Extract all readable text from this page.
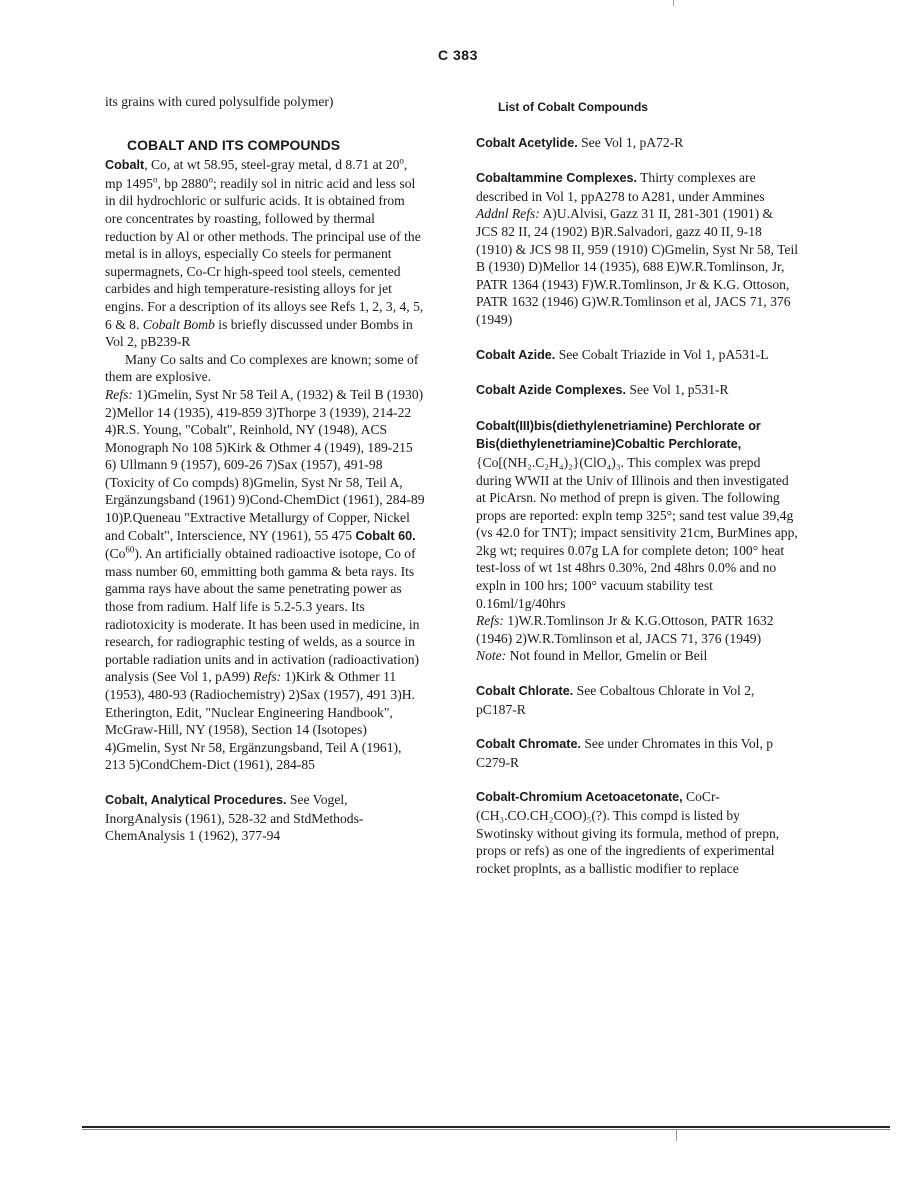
C 383

its grains with cured polysulfide polymer)

COBALT AND ITS COMPOUNDS

Cobalt, Co, at wt 58.95, steel-gray metal, d 8.71 at 20$^o$, mp 1495$^o$, bp 2880$^o$; readily sol in nitric acid and less sol in dil hydrochloric or sulfuric acids. It is obtained from ore concentrates by roasting, followed by thermal reduction by Al or other methods. The principal use of the metal is in alloys, especially Co steels for permanent supermagnets, Co-Cr high-speed tool steels, cemented carbides and high temperature-resisting alloys for jet engins. For a description of its alloys see Refs 1, 2, 3, 4, 5, 6 & 8. Cobalt Bomb is briefly discussed under Bombs in Vol 2, pB239-R

Many Co salts and Co complexes are known; some of them are explosive.

Refs: 1)Gmelin, Syst Nr 58 Teil A, (1932) & Teil B (1930) 2)Mellor 14 (1935), 419-859 3)Thorpe 3 (1939), 214-22 4)R.S. Young, "Cobalt", Reinhold, NY (1948), ACS Monograph No 108 5)Kirk & Othmer 4 (1949), 189-215 6) Ullmann 9 (1957), 609-26 7)Sax (1957), 491-98 (Toxicity of Co compds) 8)Gmelin, Syst Nr 58, Teil A, Ergänzungsband (1961) 9)Cond-ChemDict (1961), 284-89 10)P.Queneau "Extractive Metallurgy of Copper, Nickel and Cobalt", Interscience, NY (1961), 55 475 Cobalt 60. (Co$^{60}$). An artificially obtained radioactive isotope, Co of mass number 60, emmitting both gamma & beta rays. Its gamma rays have about the same penetrating power as those from radium. Half life is 5.2-5.3 years. Its radiotoxicity is moderate. It has been used in medicine, in research, for radiographic testing of welds, as a source in portable radiation units and in activation (radioactivation) analysis (See Vol 1, pA99) Refs: 1)Kirk & Othmer 11 (1953), 480-93 (Radiochemistry) 2)Sax (1957), 491 3)H. Etherington, Edit, "Nuclear Engineering Handbook", McGraw-Hill, NY (1958), Section 14 (Isotopes) 4)Gmelin, Syst Nr 58, Ergänzungsband, Teil A (1961), 213 5)CondChem-Dict (1961), 284-85

Cobalt, Analytical Procedures. See Vogel, InorgAnalysis (1961), 528-32 and StdMethods-ChemAnalysis 1 (1962), 377-94

List of Cobalt Compounds

Cobalt Acetylide. See Vol 1, pA72-R

Cobaltammine Complexes. Thirty complexes are described in Vol 1, ppA278 to A281, under Ammines
Addnl Refs: A)U.Alvisi, Gazz 31 II, 281-301 (1901) & JCS 82 II, 24 (1902) B)R.Salvadori, gazz 40 II, 9-18 (1910) & JCS 98 II, 959 (1910) C)Gmelin, Syst Nr 58, Teil B (1930) D)Mellor 14 (1935), 688 E)W.R.Tomlinson, Jr, PATR 1364 (1943) F)W.R.Tomlinson, Jr & K.G. Ottoson, PATR 1632 (1946) G)W.R.Tomlinson et al, JACS 71, 376 (1949)

Cobalt Azide. See Cobalt Triazide in Vol 1, pA531-L

Cobalt Azide Complexes. See Vol 1, p531-R

Cobalt(III)bis(diethylenetriamine) Perchlorate or Bis(diethylenetriamine)Cobaltic Perchlorate, {Co[(NH₂.C₂H₄)₂}(ClO₄)₃. This complex was prepd during WWII at the Univ of Illinois and then investigated at PicArsn. No method of prepn is given. The following props are reported: expln temp 325°; sand test value 39,4g (vs 42.0 for TNT); impact sensitivity 21cm, BurMines app, 2kg wt; requires 0.07g LA for complete deton; 100° heat test-loss of wt 1st 48hrs 0.30%, 2nd 48hrs 0.0% and no expln in 100 hrs; 100° vacuum stability test 0.16ml/1g/40hrs
Refs: 1)W.R.Tomlinson Jr & K.G.Ottoson, PATR 1632 (1946) 2)W.R.Tomlinson et al, JACS 71, 376 (1949)
Note: Not found in Mellor, Gmelin or Beil

Cobalt Chlorate. See Cobaltous Chlorate in Vol 2, pC187-R

Cobalt Chromate. See under Chromates in this Vol, p C279-R

Cobalt-Chromium Acetoacetonate, CoCr-(CH₃.CO.CH₂COO)₅(?). This compd is listed by Swotinsky without giving its formula, method of prepn, props or refs) as one of the ingredients of experimental rocket proplnts, as a ballistic modifier to replace
